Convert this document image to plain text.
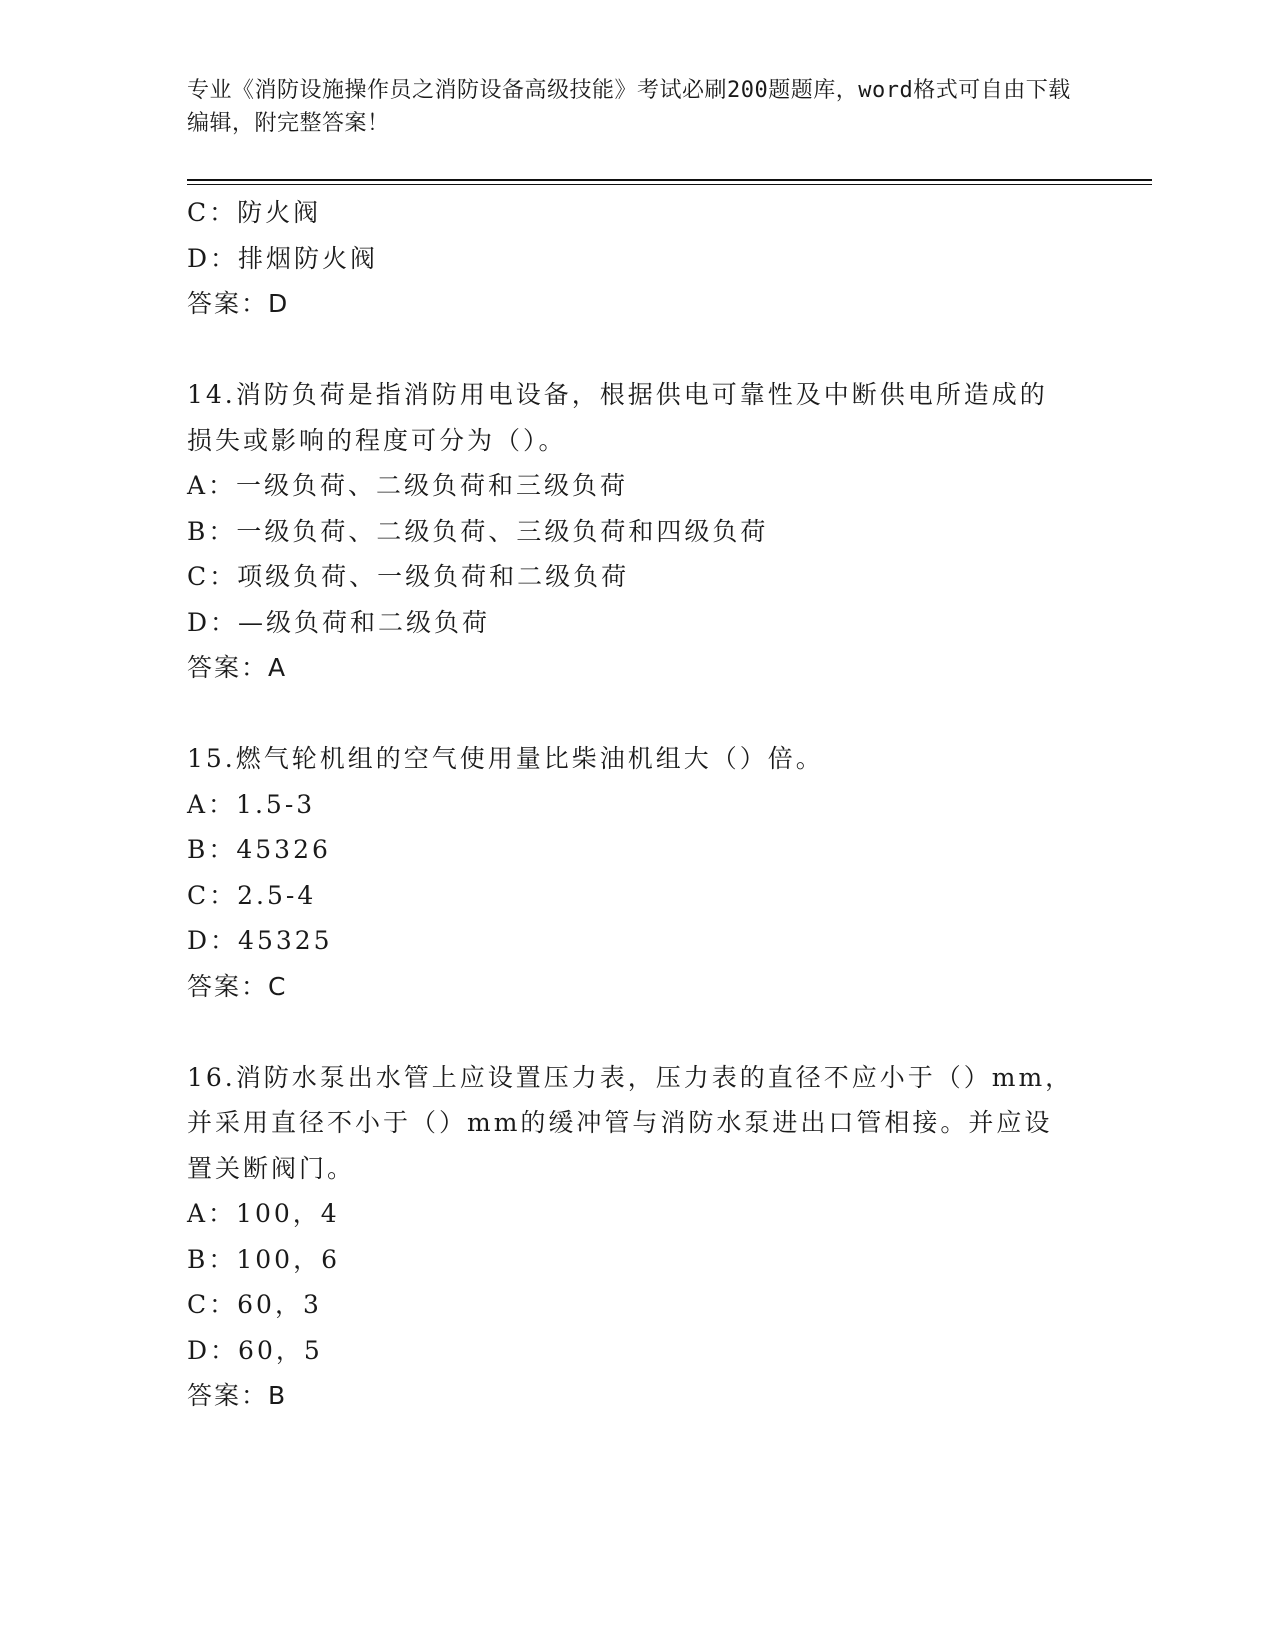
专业《消防设施操作员之消防设备高级技能》考试必刷200题题库，word格式可自由下载编辑，附完整答案！
C：防火阀
D：排烟防火阀
答案：D
14.消防负荷是指消防用电设备，根据供电可靠性及中断供电所造成的
损失或影响的程度可分为（）。
A：一级负荷、二级负荷和三级负荷
B：一级负荷、二级负荷、三级负荷和四级负荷
C：项级负荷、一级负荷和二级负荷
D：—级负荷和二级负荷
答案：A
15.燃气轮机组的空气使用量比柴油机组大（）倍。
A：1.5-3
B：45326
C：2.5-4
D：45325
答案：C
16.消防水泵出水管上应设置压力表，压力表的直径不应小于（）mm，
并采用直径不小于（）mm的缓冲管与消防水泵进出口管相接。并应设
置关断阀门。
A：100，4
B：100，6
C：60，3
D：60，5
答案：B
